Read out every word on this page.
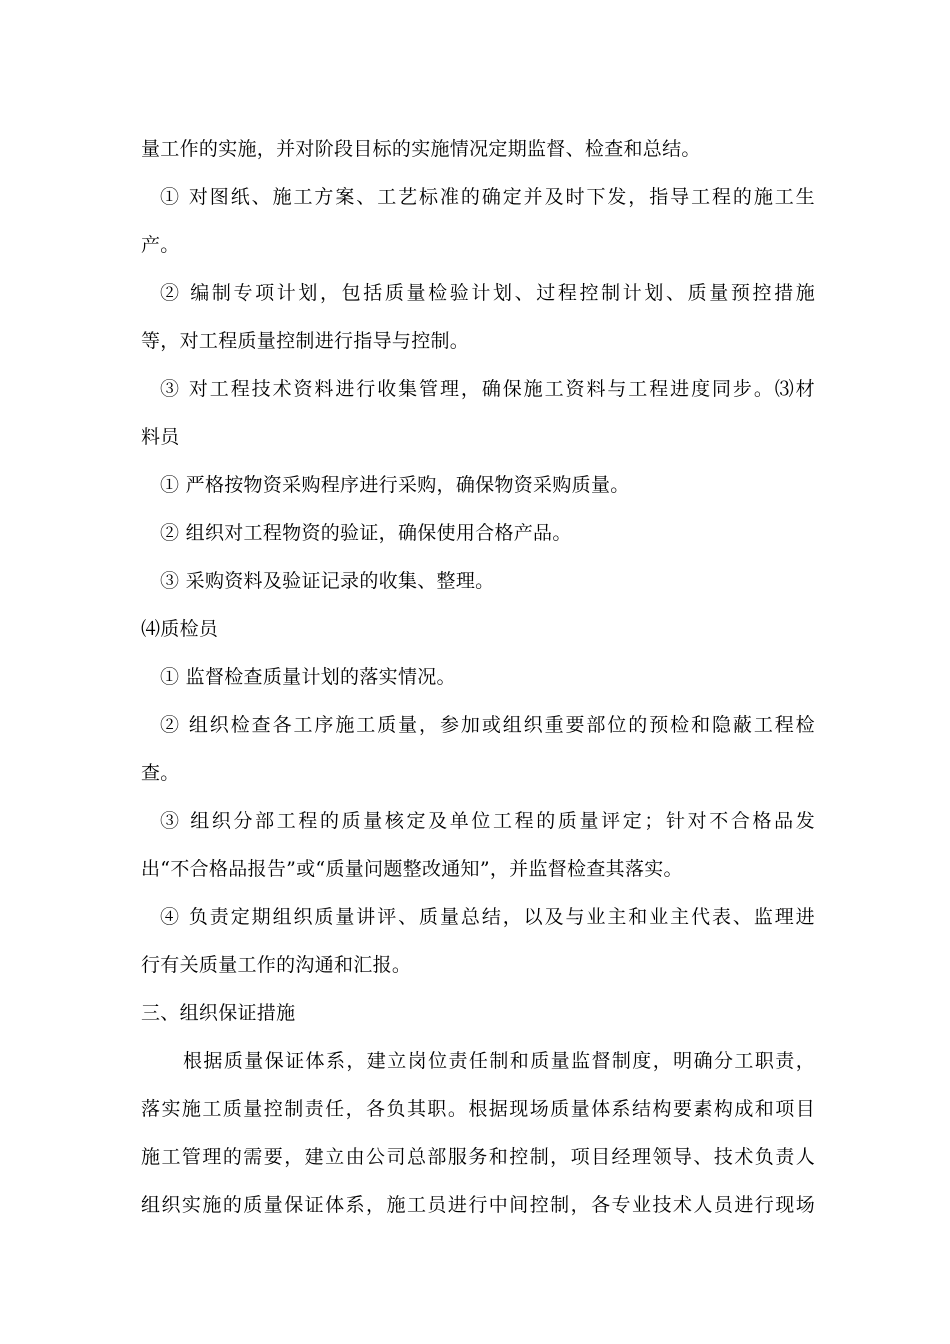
量工作的实施，并对阶段目标的实施情况定期监督、检查和总结。
① 对图纸、施工方案、工艺标准的确定并及时下发，指导工程的施工生
产。
② 编制专项计划，包括质量检验计划、过程控制计划、质量预控措施
等，对工程质量控制进行指导与控制。
③ 对工程技术资料进行收集管理，确保施工资料与工程进度同步。⑶材
料员
① 严格按物资采购程序进行采购，确保物资采购质量。
② 组织对工程物资的验证，确保使用合格产品。
③ 采购资料及验证记录的收集、整理。
⑷质检员
① 监督检查质量计划的落实情况。
② 组织检查各工序施工质量，参加或组织重要部位的预检和隐蔽工程检
查。
③ 组织分部工程的质量核定及单位工程的质量评定；针对不合格品发
出“不合格品报告”或“质量问题整改通知”，并监督检查其落实。
④ 负责定期组织质量讲评、质量总结，以及与业主和业主代表、监理进
行有关质量工作的沟通和汇报。
三、组织保证措施
根据质量保证体系，建立岗位责任制和质量监督制度，明确分工职责，
落实施工质量控制责任，各负其职。根据现场质量体系结构要素构成和项目
施工管理的需要，建立由公司总部服务和控制，项目经理领导、技术负责人
组织实施的质量保证体系，施工员进行中间控制，各专业技术人员进行现场
